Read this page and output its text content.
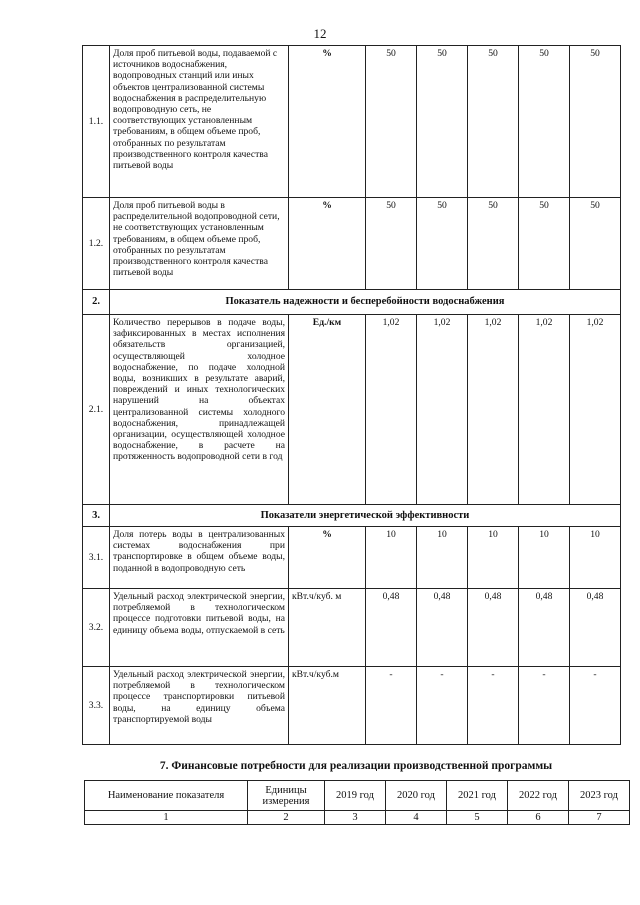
12
1.1.	Доля проб питьевой воды, подаваемой с источников водоснабжения, водопроводных станций или иных объектов централизованной системы водоснабжения в распределительную водопроводную сеть, не соответствующих установленным требованиям, в общем объеме проб, отобранных по результатам производственного контроля качества питьевой воды	%	50	50	50	50	50
1.2.	Доля проб питьевой воды в распределительной водопроводной сети, не соответствующих установленным требованиям, в общем объеме проб, отобранных по результатам производственного контроля качества питьевой воды	%	50	50	50	50	50
2.	Показатель надежности и бесперебойности водоснабжения						
2.1.	Количество перерывов в подаче воды, зафиксированных в местах исполнения обязательств организацией, осуществляющей холодное водоснабжение, по подаче холодной воды, возникших в результате аварий, повреждений и иных технологических нарушений на объектах централизованной системы холодного водоснабжения, принадлежащей организации, осуществляющей холодное водоснабжение, в расчете на протяженность водопроводной сети в год	Ед./км	1,02	1,02	1,02	1,02	1,02
3.	Показатели энергетической эффективности						
3.1.	Доля потерь воды в централизованных системах водоснабжения при транспортировке в общем объеме воды, поданной в водопроводную сеть	%	10	10	10	10	10
3.2.	Удельный расход электрической энергии, потребляемой в технологическом процессе подготовки питьевой воды, на единицу объема воды, отпускаемой в сеть	кВт.ч/куб. м	0,48	0,48	0,48	0,48	0,48
3.3.	Удельный расход электрической энергии, потребляемой в технологическом процессе транспортировки питьевой воды, на единицу объема транспортируемой воды	кВт.ч/куб.м	-	-	-	-	-
7. Финансовые потребности для реализации производственной программы
Наименование показателя	Единицы измерения	2019 год	2020 год	2021 год	2022 год	2023 год
1	2	3	4	5	6	7
